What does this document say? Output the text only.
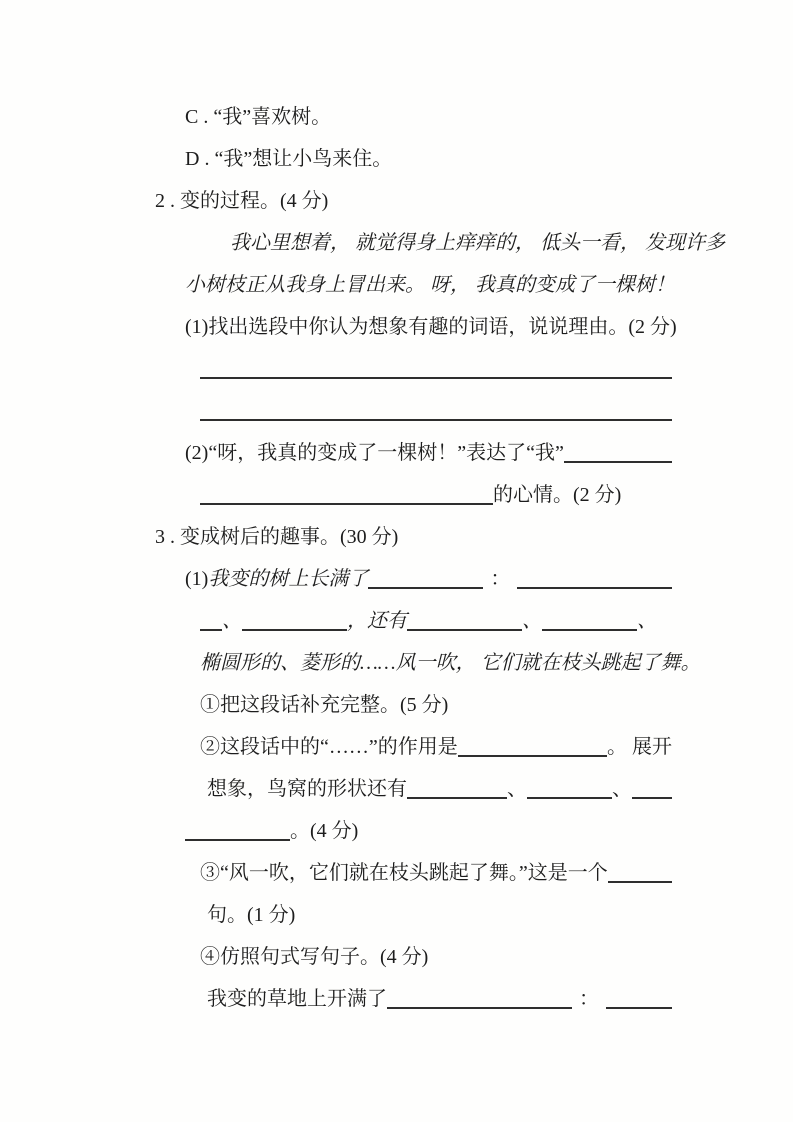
C . “我”喜欢树。
D . “我”想让小鸟来住。
2 . 变的过程。(4 分)
我心里想着， 就觉得身上痒痒的， 低头一看， 发现许多
小树枝正从我身上冒出来。 呀， 我真的变成了一棵树！
(1)找出选段中你认为想象有趣的词语，说说理由。(2 分)
(2)“呀，我真的变成了一棵树！”表达了“我”
的心情。(2 分)
3 . 变成树后的趣事。(30 分)
(1) 我变的树上长满了	：
、	，还有	、	、
椭圆形的、菱形的……风一吹， 它们就在枝头跳起了舞。
①把这段话补充完整。(5 分)
②这段话中的“……”的作用是	。 展开
想象，鸟窝的形状还有	、	、
。(4 分)
③“风一吹，它们就在枝头跳起了舞。”这是一个
句。(1 分)
④仿照句式写句子。(4 分)
我变的草地上开满了	：
